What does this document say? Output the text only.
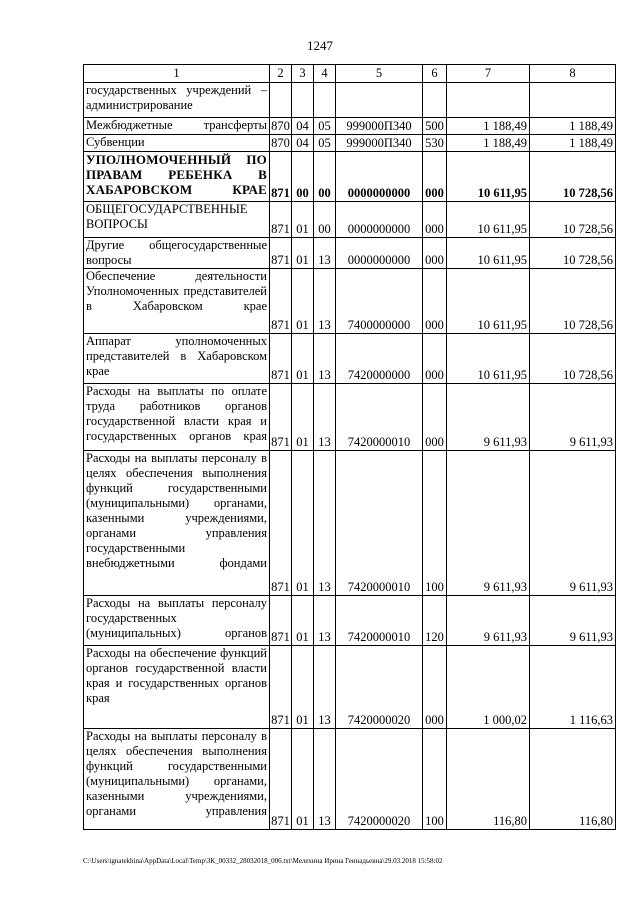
1247
1	2	3	4	5	6	7	8
государственных учреждений – администрирование							
Межбюджетные трансферты	870	04	05	999000П340	500	1 188,49	1 188,49
Субвенции	870	04	05	999000П340	530	1 188,49	1 188,49
УПОЛНОМОЧЕННЫЙ ПО ПРАВАМ РЕБЕНКА В ХАБАРОВСКОМ КРАЕ	871	00	00	0000000000	000	10 611,95	10 728,56
ОБЩЕГОСУДАРСТВЕННЫЕ ВОПРОСЫ	871	01	00	0000000000	000	10 611,95	10 728,56
Другие общегосударственные вопросы	871	01	13	0000000000	000	10 611,95	10 728,56
Обеспечение деятельности Уполномоченных представителей в Хабаровском крае	871	01	13	7400000000	000	10 611,95	10 728,56
Аппарат уполномоченных представителей в Хабаровском крае	871	01	13	7420000000	000	10 611,95	10 728,56
Расходы на выплаты по оплате труда работников органов государственной власти края и государственных органов края	871	01	13	7420000010	000	9 611,93	9 611,93
Расходы на выплаты персоналу в целях обеспечения выполнения функций государственными (муниципальными) органами, казенными учреждениями, органами управления государственными внебюджетными фондами	871	01	13	7420000010	100	9 611,93	9 611,93
Расходы на выплаты персоналу государственных (муниципальных) органов	871	01	13	7420000010	120	9 611,93	9 611,93
Расходы на обеспечение функций органов государственной власти края и государственных органов края	871	01	13	7420000020	000	1 000,02	1 116,63
Расходы на выплаты персоналу в целях обеспечения выполнения функций государственными (муниципальными) органами, казенными учреждениями, органами управления	871	01	13	7420000020	100	116,80	116,80
C:\Users\ignatekhina\AppData\Local\Temp\ЗК_00332_28032018_006.txt\Мелехина Ирина Геннадьевна\29.03.2018 15:58:02
